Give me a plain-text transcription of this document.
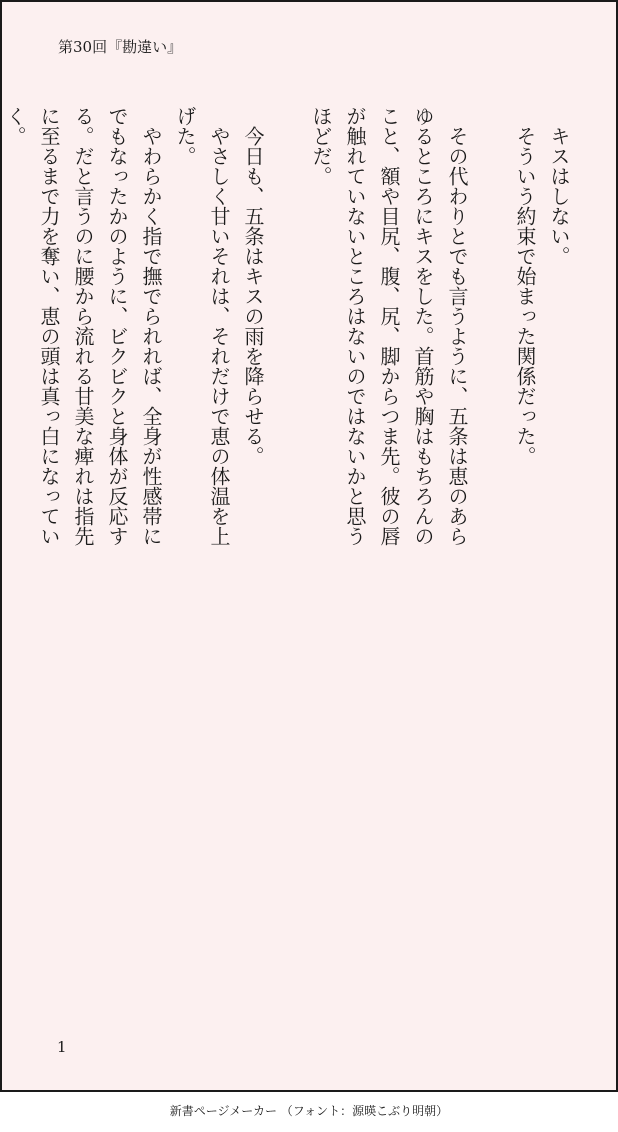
第30回『勘違い』
　キスはしない。
　そういう約束で始まった関係だった。

　その代わりとでも言うように、五条は恵のあら
ゆるところにキスをした。首筋や胸はもちろんの
こと、額や目尻、腹、尻、脚からつま先。彼の唇
が触れていないところはないのではないかと思う
ほどだ。

　今日も、五条はキスの雨を降らせる。
　やさしく甘いそれは、それだけで恵の体温を上
げた。
　やわらかく指で撫でられれば、全身が性感帯に
でもなったかのように、ビクビクと身体が反応す
る。だと言うのに腰から流れる甘美な痺れは指先
に至るまで力を奪い、恵の頭は真っ白になってい
く。

1
新書ページメーカー （フォント：源暎こぶり明朝）
